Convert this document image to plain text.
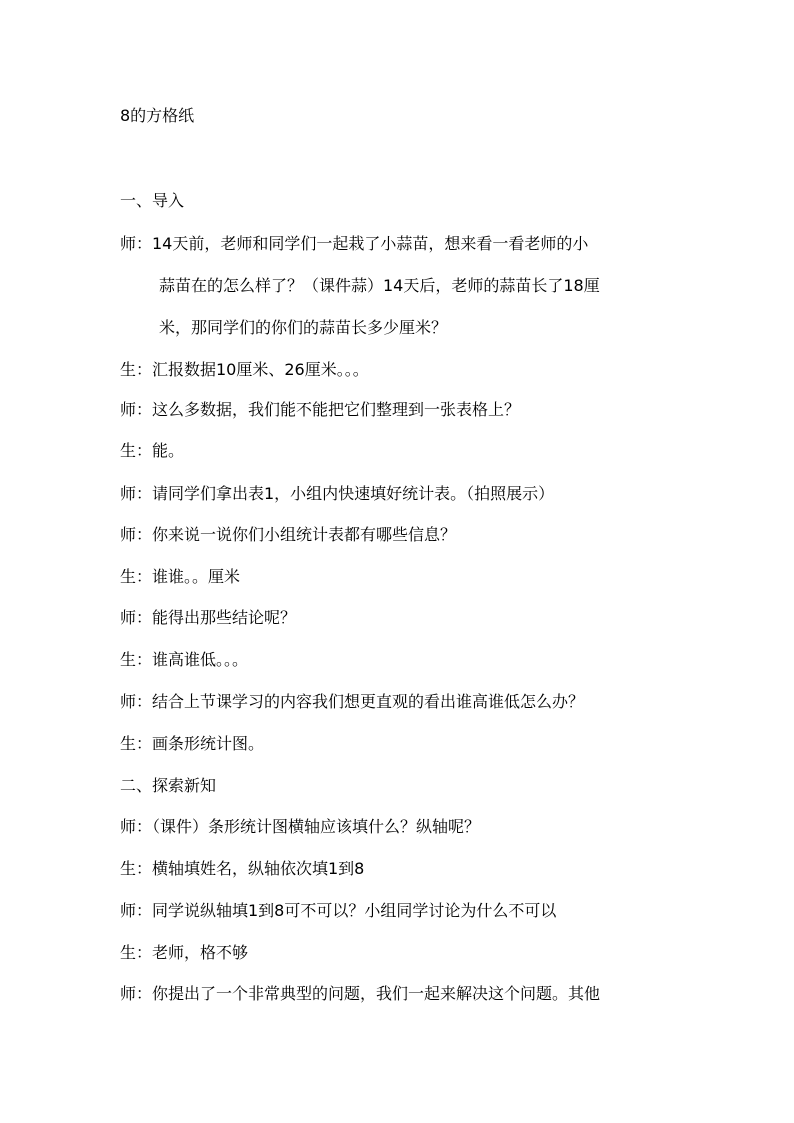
8的方格纸
一、导入
师：14天前，老师和同学们一起栽了小蒜苗，想来看一看老师的小
蒜苗在的怎么样了？（课件蒜）14天后，老师的蒜苗长了18厘
米，那同学们的你们的蒜苗长多少厘米？
生：汇报数据10厘米、26厘米。。。
师：这么多数据，我们能不能把它们整理到一张表格上？
生：能。
师：请同学们拿出表1，小组内快速填好统计表。（拍照展示）
师：你来说一说你们小组统计表都有哪些信息？
生：谁谁。。厘米
师：能得出那些结论呢？
生：谁高谁低。。。
师：结合上节课学习的内容我们想更直观的看出谁高谁低怎么办？
生：画条形统计图。
二、探索新知
师：（课件）条形统计图横轴应该填什么？纵轴呢？
生：横轴填姓名，纵轴依次填1到8
师：同学说纵轴填1到8可不可以？小组同学讨论为什么不可以
生：老师，格不够
师：你提出了一个非常典型的问题，我们一起来解决这个问题。其他
